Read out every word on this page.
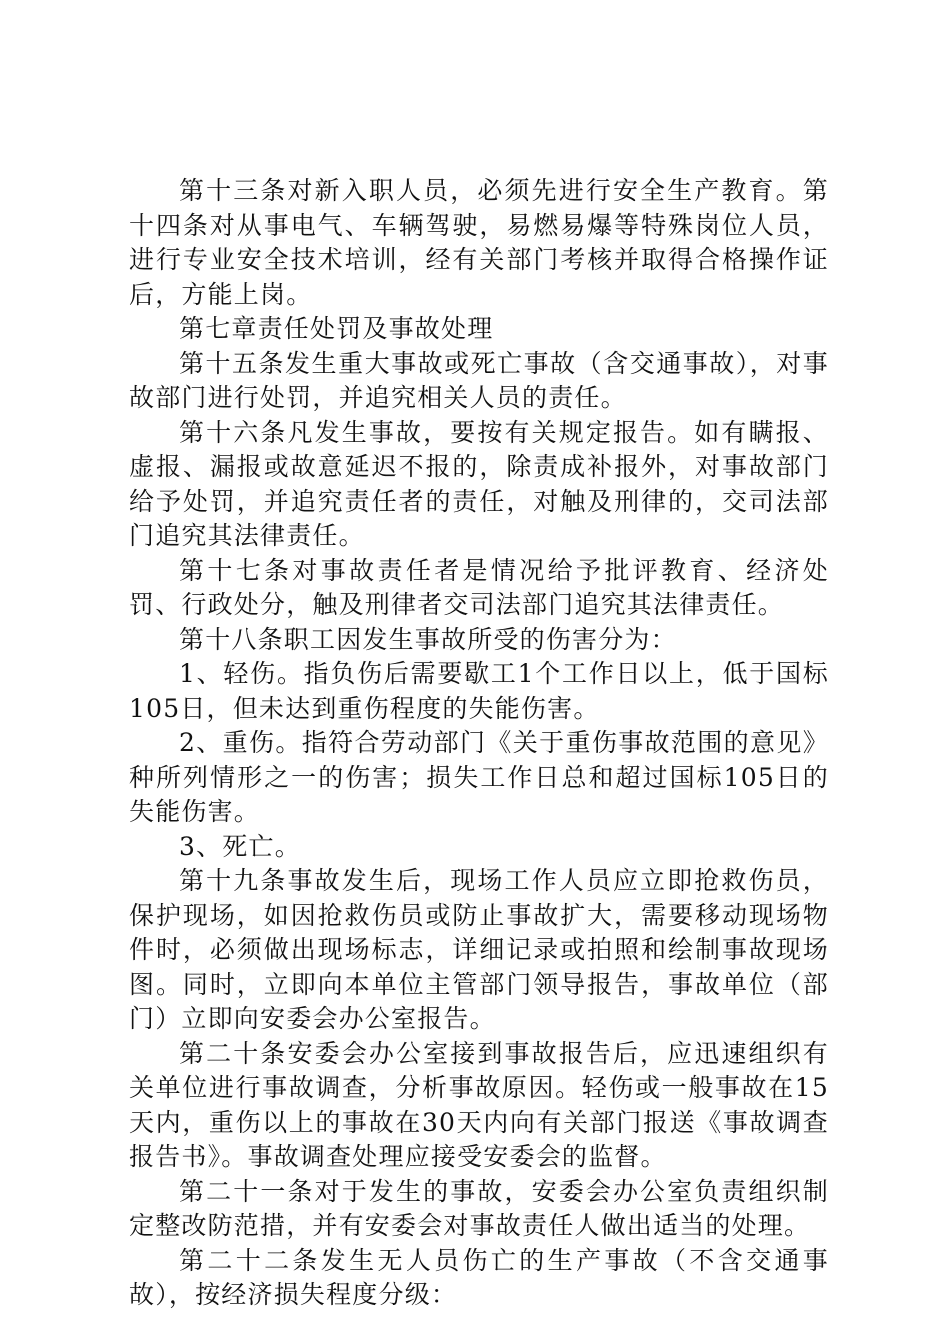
第十三条对新入职人员，必须先进行安全生产教育。第十四条对从事电气、车辆驾驶，易燃易爆等特殊岗位人员，进行专业安全技术培训，经有关部门考核并取得合格操作证后，方能上岗。

第七章责任处罚及事故处理

第十五条发生重大事故或死亡事故（含交通事故），对事故部门进行处罚，并追究相关人员的责任。

第十六条凡发生事故，要按有关规定报告。如有瞒报、虚报、漏报或故意延迟不报的，除责成补报外，对事故部门给予处罚，并追究责任者的责任，对触及刑律的，交司法部门追究其法律责任。

第十七条对事故责任者是情况给予批评教育、经济处罚、行政处分，触及刑律者交司法部门追究其法律责任。

第十八条职工因发生事故所受的伤害分为：

1、轻伤。指负伤后需要歇工1个工作日以上，低于国标105日，但未达到重伤程度的失能伤害。

2、重伤。指符合劳动部门《关于重伤事故范围的意见》种所列情形之一的伤害；损失工作日总和超过国标105日的失能伤害。

3、死亡。

第十九条事故发生后，现场工作人员应立即抢救伤员，保护现场，如因抢救伤员或防止事故扩大，需要移动现场物件时，必须做出现场标志，详细记录或拍照和绘制事故现场图。同时，立即向本单位主管部门领导报告，事故单位（部门）立即向安委会办公室报告。

第二十条安委会办公室接到事故报告后，应迅速组织有关单位进行事故调查，分析事故原因。轻伤或一般事故在15天内，重伤以上的事故在30天内向有关部门报送《事故调查报告书》。事故调查处理应接受安委会的监督。

第二十一条对于发生的事故，安委会办公室负责组织制定整改防范措，并有安委会对事故责任人做出适当的处理。

第二十二条发生无人员伤亡的生产事故（不含交通事故），按经济损失程度分级：
